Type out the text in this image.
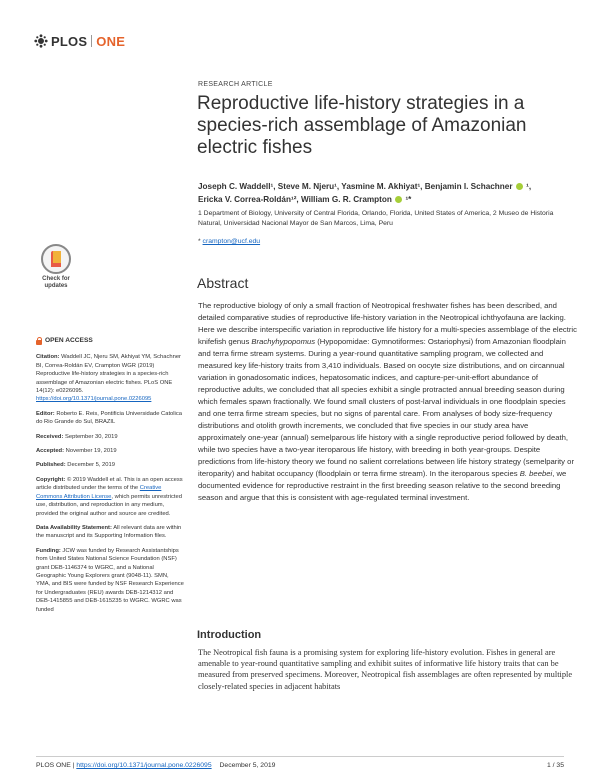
PLOS ONE
RESEARCH ARTICLE
Reproductive life-history strategies in a species-rich assemblage of Amazonian electric fishes
Joseph C. Waddell¹, Steve M. Njeru¹, Yasmine M. Akhiyat¹, Benjamin I. Schachner ¹,
Ericka V. Correa-Roldán¹², William G. R. Crampton ¹*
1 Department of Biology, University of Central Florida, Orlando, Florida, United States of America, 2 Museo de Historia Natural, Universidad Nacional Mayor de San Marcos, Lima, Peru
* crampton@ucf.edu
Check for
updates

OPEN ACCESS

Citation: Waddell JC, Njeru SM, Akhiyat YM, Schachner BI, Correa-Roldán EV, Crampton WGR (2019) Reproductive life-history strategies in a species-rich assemblage of Amazonian electric fishes. PLoS ONE 14(12): e0226095. https://doi.org/10.1371/journal.pone.0226095

Editor: Roberto E. Reis, Pontificia Universidade Catolica do Rio Grande do Sul, BRAZIL

Received: September 30, 2019

Accepted: November 19, 2019

Published: December 5, 2019

Copyright: © 2019 Waddell et al. This is an open access article distributed under the terms of the Creative Commons Attribution License, which permits unrestricted use, distribution, and reproduction in any medium, provided the original author and source are credited.

Data Availability Statement: All relevant data are within the manuscript and its Supporting Information files.

Funding: JCW was funded by Research Assistantships from United States National Science Foundation (NSF) grant DEB-1146374 to WGRC, and a National Geographic Young Explorers grant (9048-11). SMN, YMA, and BIS were funded by NSF Research Experience for Undergraduates (REU) awards DEB-1214312 and DEB-1415855 and DEB-1615235 to WGRC. WGRC was funded

Abstract
The reproductive biology of only a small fraction of Neotropical freshwater fishes has been described, and detailed comparative studies of reproductive life-history variation in the Neotropical ichthyofauna are lacking. Here we describe interspecific variation in reproductive life history for a multi-species assemblage of the electric knifefish genus Brachyhypopomus (Hypopomidae: Gymnotiformes: Ostariophysi) from Amazonian floodplain and terra firme stream systems. During a year-round quantitative sampling program, we collected and measured key life-history traits from 3,410 individuals. Based on oocyte size distributions, and on circannual variation in gonadosomatic indices, hepatosomatic indices, and capture-per-unit-effort abundance of reproductive adults, we concluded that all species exhibit a single protracted annual breeding season during which females spawn fractionally. We found small clusters of post-larval individuals in one floodplain species and one terra firme stream species, but no signs of parental care. From analyses of body size-frequency distributions and otolith growth increments, we concluded that five species in our study area have approximately one-year (annual) semelparous life history with a single reproductive period followed by death, while two species have a two-year iteroparous life history, with breeding in both year-groups. Despite predictions from life-history theory we found no salient correlations between life history strategy (semelparity or iteroparity) and habitat occupancy (floodplain or terra firme stream). In the iteroparous species B. beebei, we documented evidence for reproductive restraint in the first breeding season relative to the second breeding season and argue that this is consistent with age-regulated terminal investment.
Introduction
The Neotropical fish fauna is a promising system for exploring life-history evolution. Fishes in general are amenable to year-round quantitative sampling and exhibit suites of informative life history traits that can be measured from preserved specimens. Moreover, Neotropical fish assemblages are often represented by multiple closely-related species in adjacent habitats
PLOS ONE | https://doi.org/10.1371/journal.pone.0226095 December 5, 2019	1 / 35
